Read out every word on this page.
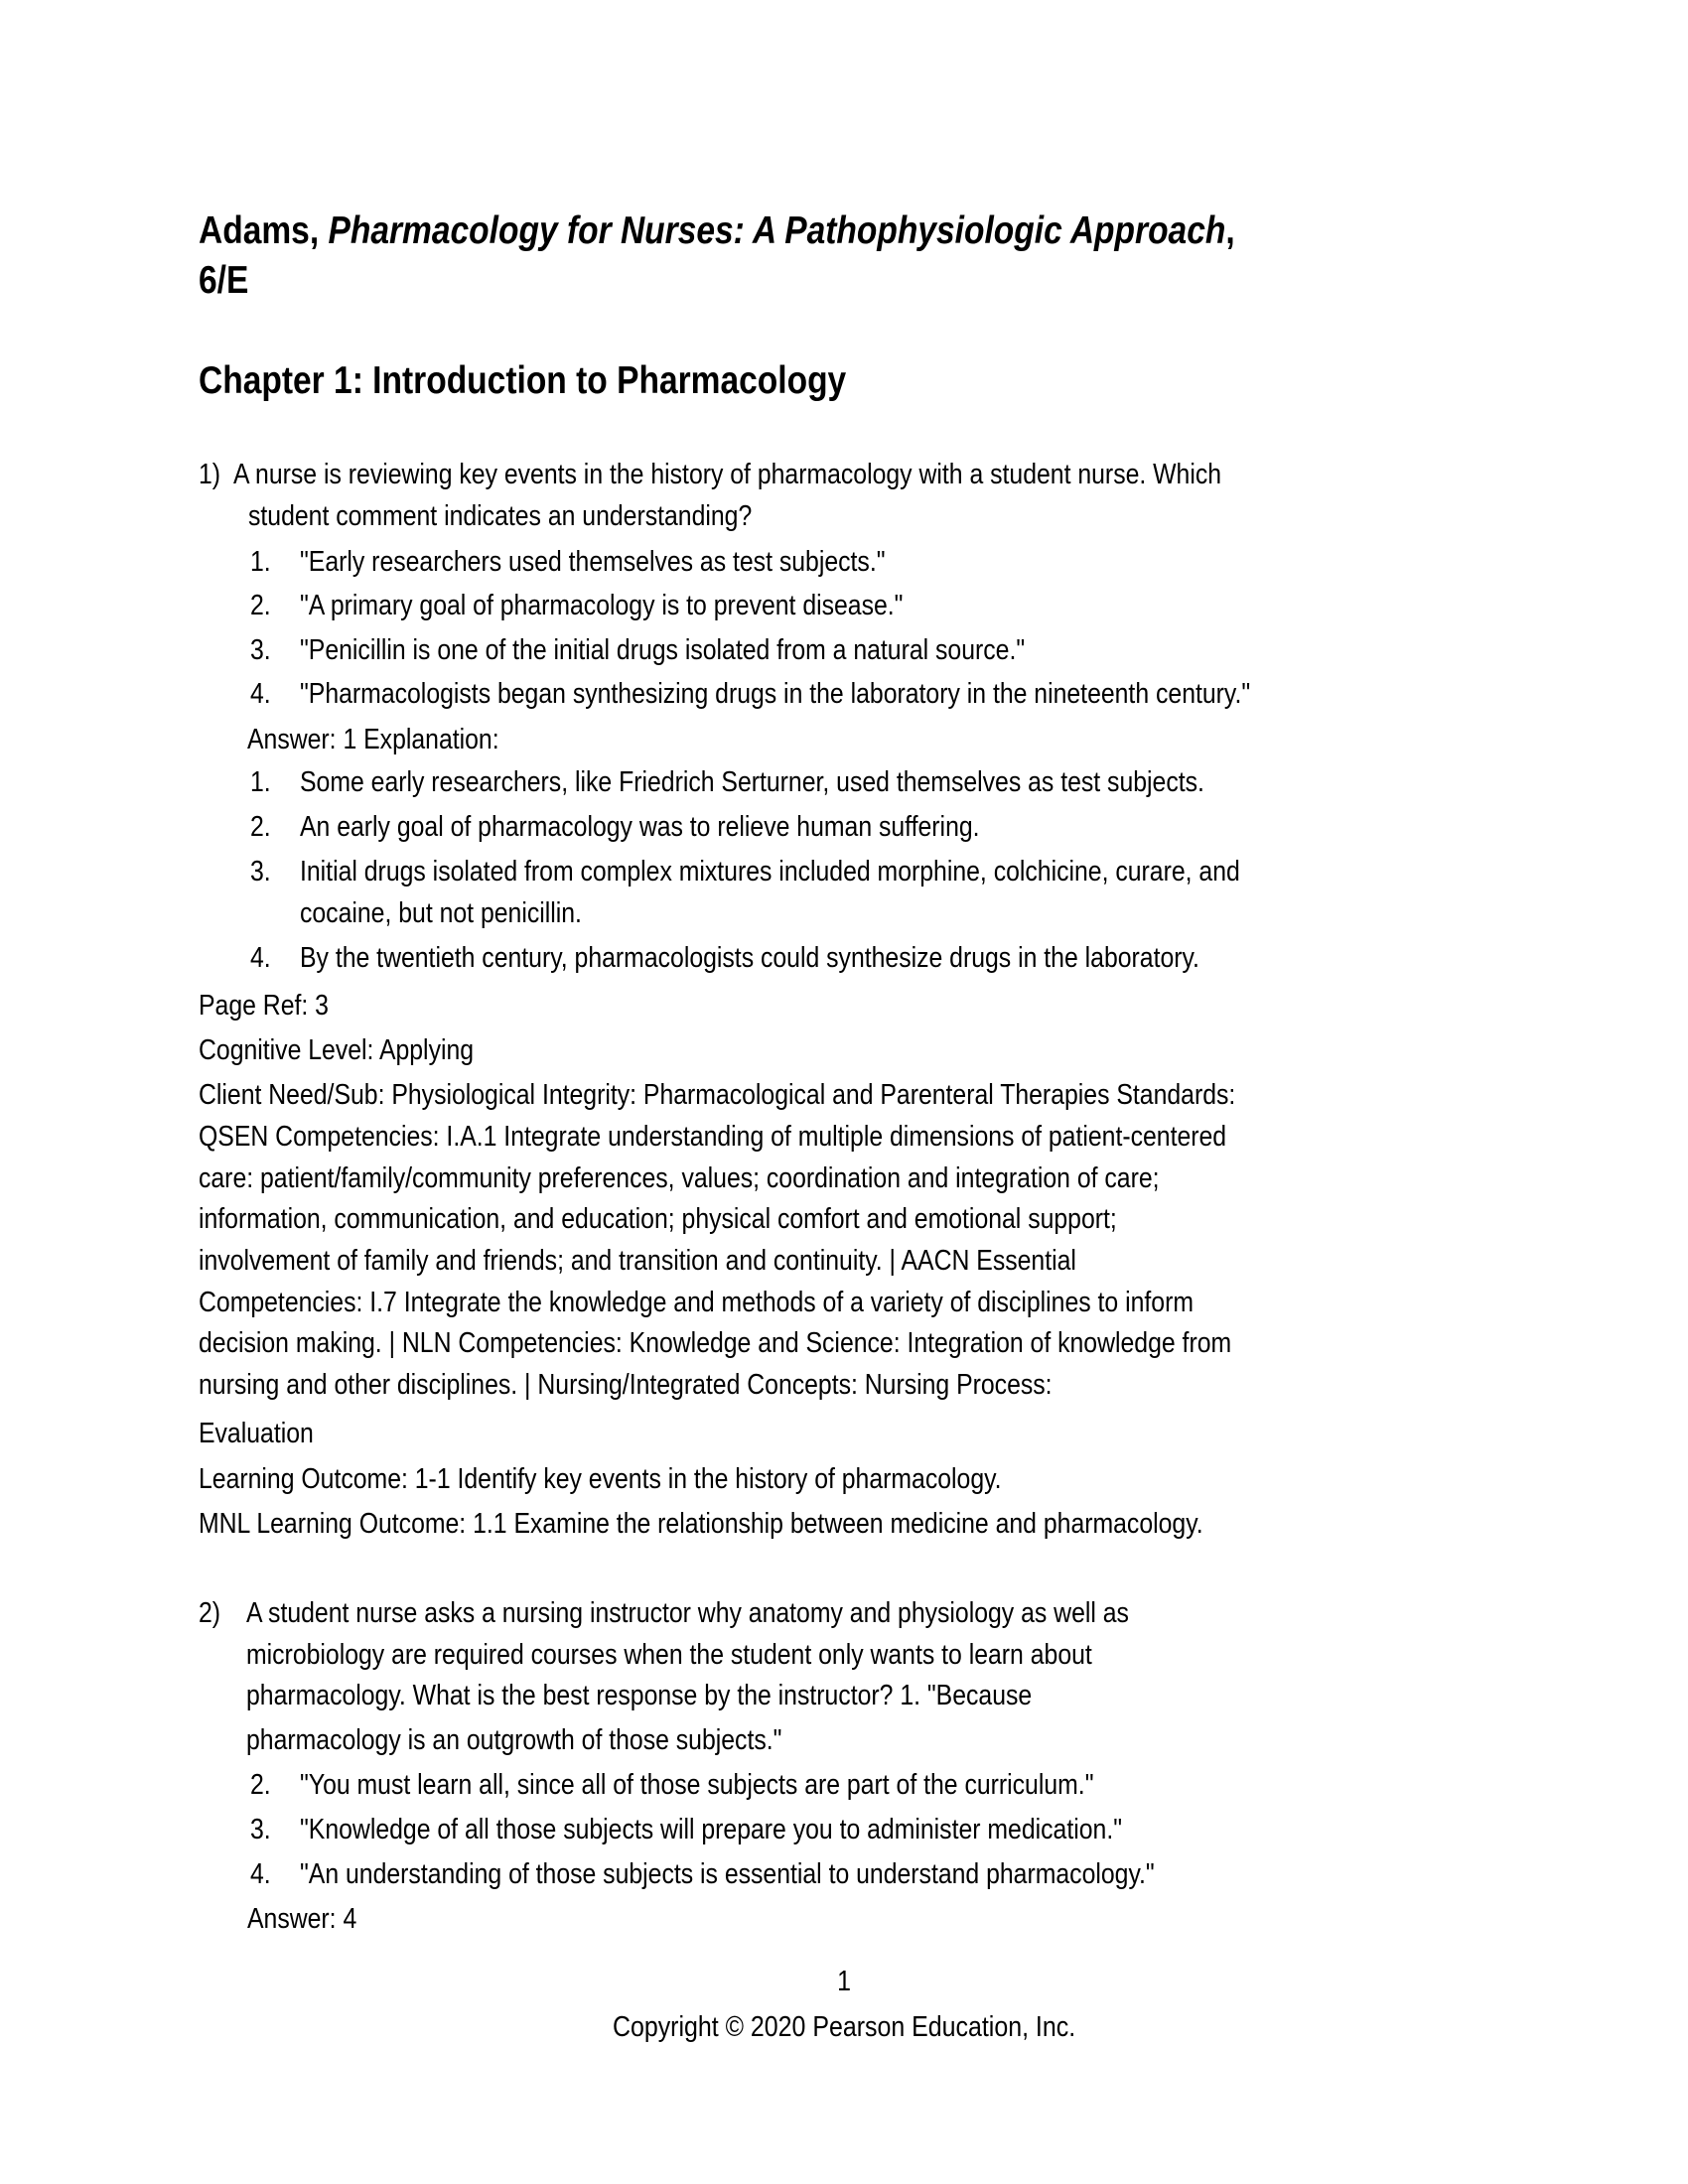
Adams, Pharmacology for Nurses: A Pathophysiologic Approach,
6/E
Chapter 1: Introduction to Pharmacology
1) A nurse is reviewing key events in the history of pharmacology with a student nurse. Which
student comment indicates an understanding?
1. "Early researchers used themselves as test subjects."
2. "A primary goal of pharmacology is to prevent disease."
3. "Penicillin is one of the initial drugs isolated from a natural source."
4. "Pharmacologists began synthesizing drugs in the laboratory in the nineteenth century."
Answer: 1 Explanation:
1. Some early researchers, like Friedrich Serturner, used themselves as test subjects.
2. An early goal of pharmacology was to relieve human suffering.
3. Initial drugs isolated from complex mixtures included morphine, colchicine, curare, and
cocaine, but not penicillin.
4. By the twentieth century, pharmacologists could synthesize drugs in the laboratory.
Page Ref: 3
Cognitive Level: Applying
Client Need/Sub: Physiological Integrity: Pharmacological and Parenteral Therapies Standards:
QSEN Competencies: I.A.1 Integrate understanding of multiple dimensions of patient-centered
care: patient/family/community preferences, values; coordination and integration of care;
information, communication, and education; physical comfort and emotional support;
involvement of family and friends; and transition and continuity. | AACN Essential
Competencies: I.7 Integrate the knowledge and methods of a variety of disciplines to inform
decision making. | NLN Competencies: Knowledge and Science: Integration of knowledge from
nursing and other disciplines. | Nursing/Integrated Concepts: Nursing Process:
Evaluation
Learning Outcome: 1-1 Identify key events in the history of pharmacology.
MNL Learning Outcome: 1.1 Examine the relationship between medicine and pharmacology.
2) A student nurse asks a nursing instructor why anatomy and physiology as well as
microbiology are required courses when the student only wants to learn about
pharmacology. What is the best response by the instructor? 1. "Because
pharmacology is an outgrowth of those subjects."
2. "You must learn all, since all of those subjects are part of the curriculum."
3. "Knowledge of all those subjects will prepare you to administer medication."
4. "An understanding of those subjects is essential to understand pharmacology."
Answer: 4
1
Copyright © 2020 Pearson Education, Inc.
